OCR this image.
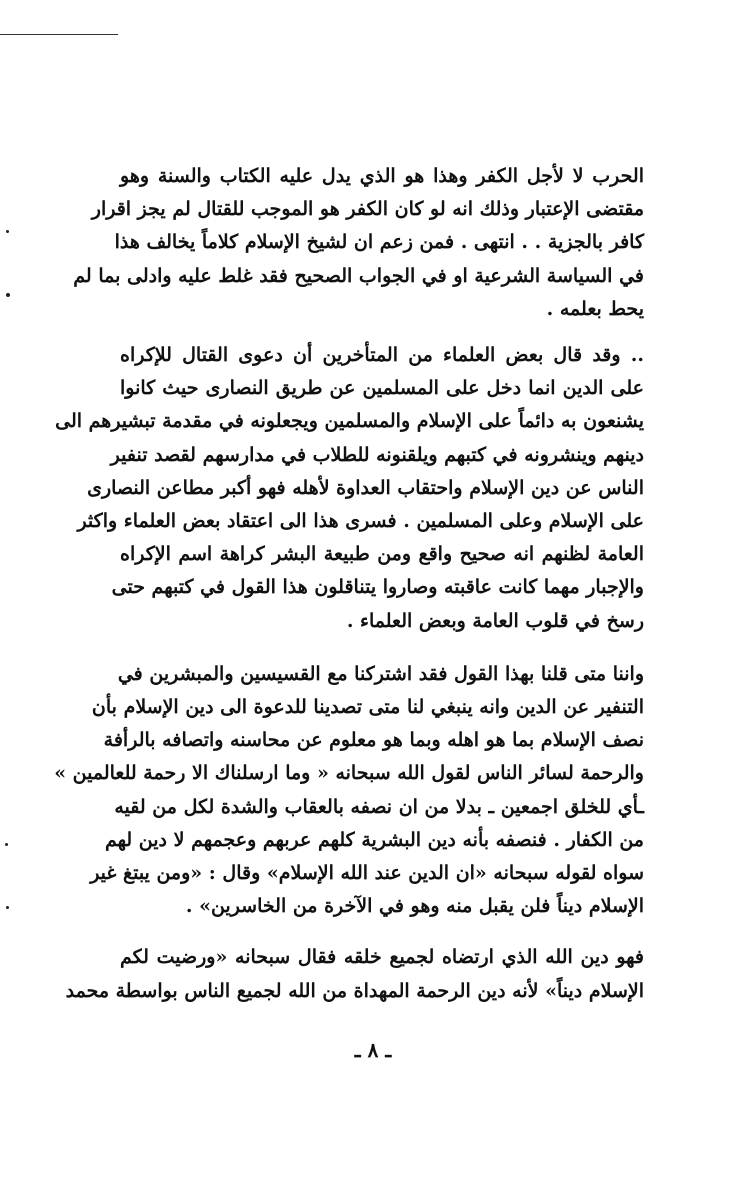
الحرب لا لأجل الكفر وهذا هو الذي يدل عليه الكتاب والسنة وهو
مقتضى الإعتبار وذلك انه لو كان الكفر هو الموجب للقتال لم يجز اقرار
كافر بالجزية . . انتهى . فمن زعم ان لشيخ الإسلام كلاماً يخالف هذا
في السياسة الشرعية او في الجواب الصحيح فقد غلط عليه وادلى بما لم
يحط بعلمه .

.. وقد قال بعض العلماء من المتأخرين أن دعوى القتال للإكراه
على الدين انما دخل على المسلمين عن طريق النصارى حيث كانوا
يشنعون به دائماً على الإسلام والمسلمين ويجعلونه في مقدمة تبشيرهم الى
دينهم وينشرونه في كتبهم ويلقنونه للطلاب في مدارسهم لقصد تنفير
الناس عن دين الإسلام واحتقاب العداوة لأهله فهو أكبر مطاعن النصارى
على الإسلام وعلى المسلمين . فسرى هذا الى اعتقاد بعض العلماء واكثر
العامة لظنهم انه صحيح واقع ومن طبيعة البشر كراهة اسم الإكراه
والإجبار مهما كانت عاقبته وصاروا يتناقلون هذا القول في كتبهم حتى
رسخ في قلوب العامة وبعض العلماء .

واننا متى قلنا بهذا القول فقد اشتركنا مع القسيسين والمبشرين في
التنفير عن الدين وانه ينبغي لنا متى تصدينا للدعوة الى دين الإسلام بأن
نصف الإسلام بما هو اهله وبما هو معلوم عن محاسنه واتصافه بالرأفة
والرحمة لسائر الناس لقول الله سبحانه « وما ارسلناك الا رحمة للعالمين »
ـأي للخلق اجمعين ـ بدلا من ان نصفه بالعقاب والشدة لكل من لقيه
من الكفار . فنصفه بأنه دين البشرية كلهم عربهم وعجمهم لا دين لهم
سواه لقوله سبحانه «ان الدين عند الله الإسلام» وقال : «ومن يبتغ غير
الإسلام ديناً فلن يقبل منه وهو في الآخرة من الخاسرين» .

فهو دين الله الذي ارتضاه لجميع خلقه فقال سبحانه «ورضيت لكم
الإسلام ديناً» لأنه دين الرحمة المهداة من الله لجميع الناس بواسطة محمد

ـ ٨ ـ
